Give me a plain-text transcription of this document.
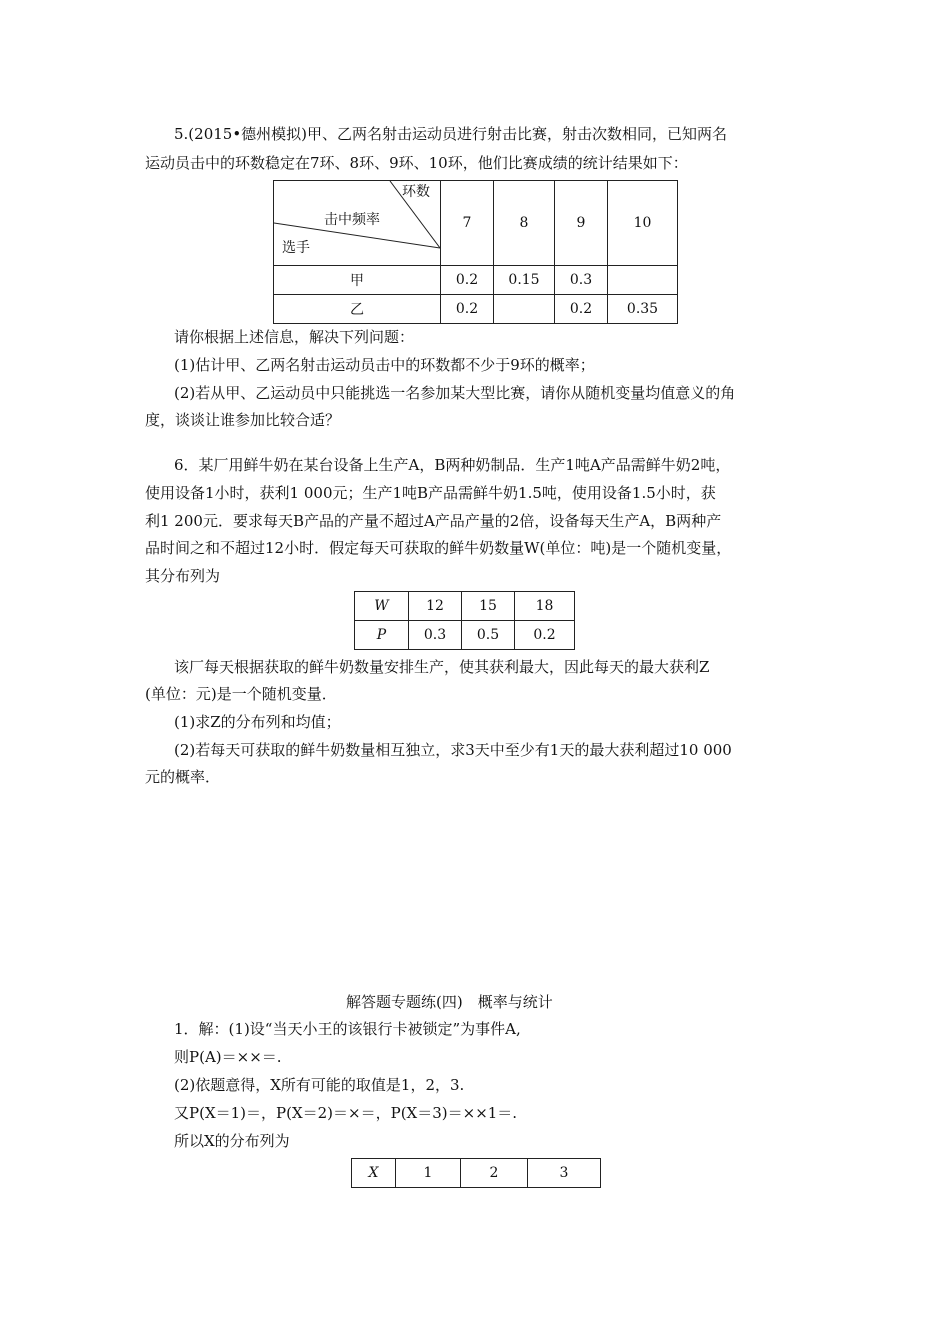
5.(2015•德州模拟)甲、乙两名射击运动员进行射击比赛，射击次数相同，已知两名
运动员击中的环数稳定在7环、8环、9环、10环，他们比赛成绩的统计结果如下：
环数
击中频率
选手	7	8	9	10
甲	0.2	0.15	0.3	
乙	0.2		0.2	0.35
请你根据上述信息，解决下列问题：
(1)估计甲、乙两名射击运动员击中的环数都不少于9环的概率；
(2)若从甲、乙运动员中只能挑选一名参加某大型比赛，请你从随机变量均值意义的角
度，谈谈让谁参加比较合适？
6．某厂用鲜牛奶在某台设备上生产A，B两种奶制品．生产1吨A产品需鲜牛奶2吨，
使用设备1小时，获利1 000元；生产1吨B产品需鲜牛奶1.5吨，使用设备1.5小时，获
利1 200元．要求每天B产品的产量不超过A产品产量的2倍，设备每天生产A，B两种产
品时间之和不超过12小时．假定每天可获取的鲜牛奶数量W(单位：吨)是一个随机变量，
其分布列为
W	12	15	18
P	0.3	0.5	0.2
该厂每天根据获取的鲜牛奶数量安排生产，使其获利最大，因此每天的最大获利Z
(单位：元)是一个随机变量．
(1)求Z的分布列和均值；
(2)若每天可获取的鲜牛奶数量相互独立，求3天中至少有1天的最大获利超过10 000
元的概率．
解答题专题练(四)　概率与统计
1．解：(1)设“当天小王的该银行卡被锁定”为事件A,
则P(A)＝××＝.
(2)依题意得，X所有可能的取值是1，2，3.
又P(X＝1)＝，P(X＝2)＝×＝，P(X＝3)＝××1＝.
所以X的分布列为
X	1	2	3
